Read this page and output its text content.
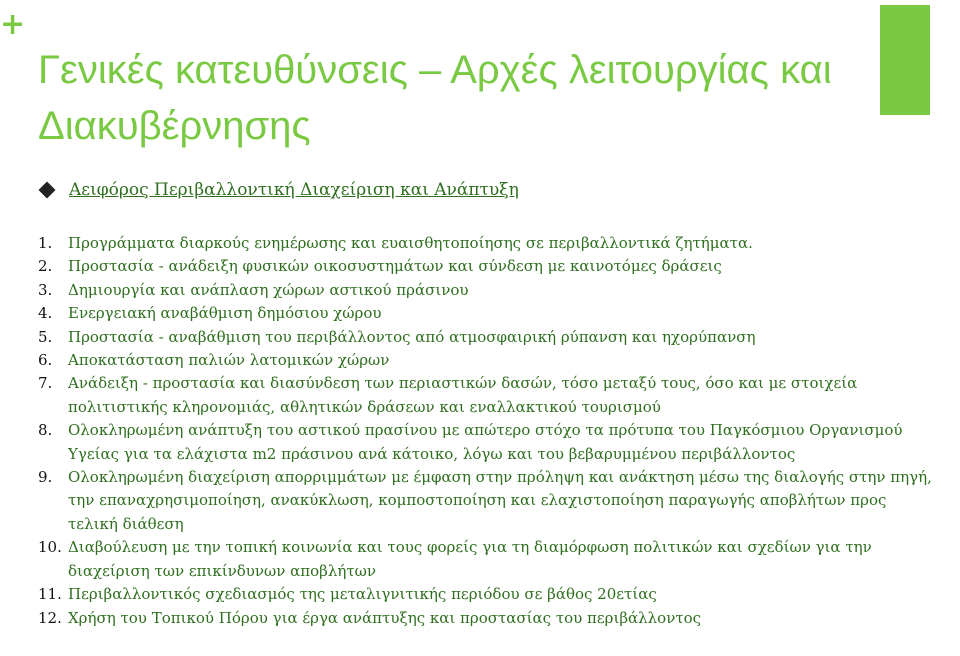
+
Γενικές κατευθύνσεις – Αρχές λειτουργίας και Διακυβέρνησης
Αειφόρος Περιβαλλοντική Διαχείριση και Ανάπτυξη
1.	Προγράμματα διαρκούς ενημέρωσης και ευαισθητοποίησης σε περιβαλλοντικά ζητήματα.
2.	Προστασία - ανάδειξη φυσικών οικοσυστημάτων και σύνδεση με καινοτόμες δράσεις
3.	Δημιουργία και ανάπλαση χώρων αστικού πράσινου
4.	Ενεργειακή αναβάθμιση δημόσιου χώρου
5.	Προστασία - αναβάθμιση του περιβάλλοντος από ατμοσφαιρική ρύπανση και ηχορύπανση
6.	Αποκατάσταση παλιών λατομικών χώρων
7.	Ανάδειξη - προστασία και διασύνδεση των περιαστικών δασών, τόσο μεταξύ τους, όσο και με στοιχεία πολιτιστικής κληρονομιάς, αθλητικών δράσεων και εναλλακτικού τουρισμού
8.	Ολοκληρωμένη ανάπτυξη του αστικού πρασίνου με απώτερο στόχο τα πρότυπα του Παγκόσμιου Οργανισμού Υγείας για τα ελάχιστα m2 πράσινου ανά κάτοικο, λόγω και του βεβαρυμμένου περιβάλλοντος
9.	Ολοκληρωμένη διαχείριση απορριμμάτων με έμφαση στην πρόληψη και ανάκτηση μέσω της διαλογής στην πηγή, την επαναχρησιμοποίηση, ανακύκλωση, κομποστοποίηση και ελαχιστοποίηση παραγωγής αποβλήτων προς τελική διάθεση
10. Διαβούλευση με την τοπική κοινωνία και τους φορείς για τη διαμόρφωση πολιτικών και σχεδίων για την διαχείριση των επικίνδυνων αποβλήτων
11. Περιβαλλοντικός σχεδιασμός της μεταλιγνιτικής περιόδου σε βάθος 20ετίας
12. Χρήση του Τοπικού Πόρου για έργα ανάπτυξης και προστασίας του περιβάλλοντος
